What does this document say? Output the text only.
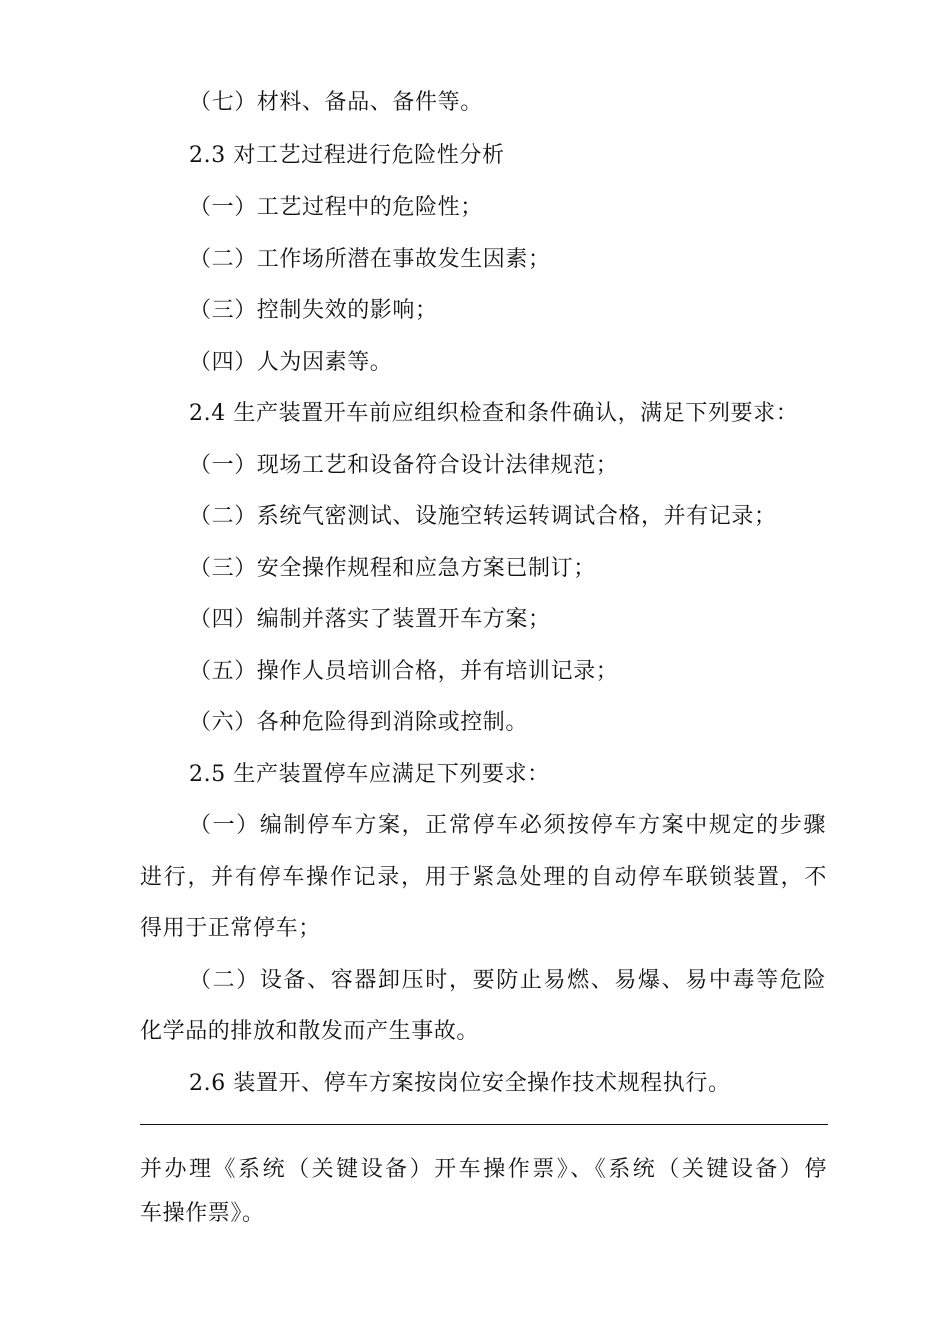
（七）材料、备品、备件等。
2.3 对工艺过程进行危险性分析
（一）工艺过程中的危险性；
（二）工作场所潜在事故发生因素；
（三）控制失效的影响；
（四）人为因素等。
2.4 生产装置开车前应组织检查和条件确认，满足下列要求：
（一）现场工艺和设备符合设计法律规范；
（二）系统气密测试、设施空转运转调试合格，并有记录；
（三）安全操作规程和应急方案已制订；
（四）编制并落实了装置开车方案；
（五）操作人员培训合格，并有培训记录；
（六）各种危险得到消除或控制。
2.5 生产装置停车应满足下列要求：
（一）编制停车方案，正常停车必须按停车方案中规定的步骤
进行，并有停车操作记录，用于紧急处理的自动停车联锁装置，不
得用于正常停车；
（二）设备、容器卸压时，要防止易燃、易爆、易中毒等危险
化学品的排放和散发而产生事故。
2.6 装置开、停车方案按岗位安全操作技术规程执行。
并办理《系统（关键设备）开车操作票》、《系统（关键设备）停
车操作票》。
